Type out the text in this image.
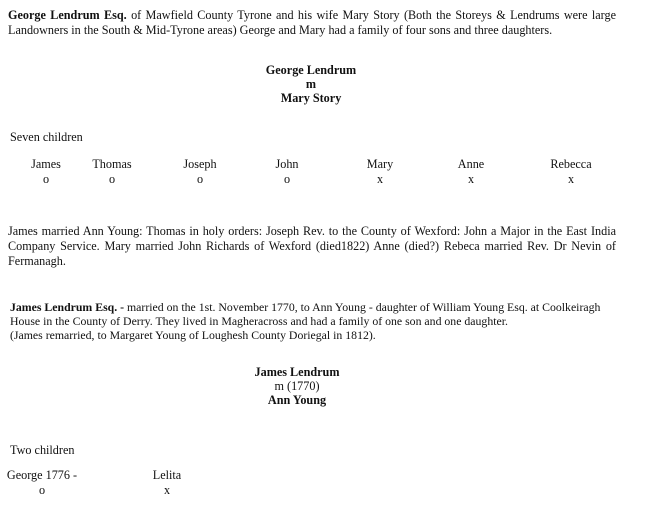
George Lendrum Esq. of Mawfield County Tyrone and his wife Mary Story (Both the Storeys & Lendrums were large Landowners in the South & Mid-Tyrone areas) George and Mary had a family of four sons and three daughters.
George Lendrum
m
Mary Story
Seven children
James
o
Thomas
o
Joseph
o
John
o
Mary
x
Anne
x
Rebecca
x
James married Ann Young: Thomas in holy orders: Joseph Rev. to the County of Wexford: John a Major in the East India Company Service. Mary married John Richards of Wexford (died1822) Anne (died?) Rebeca married Rev. Dr Nevin of Fermanagh.
James Lendrum Esq. - married on the 1st. November 1770, to Ann Young - daughter of William Young Esq. at Coolkeiragh
House in the County of Derry. They lived in Magheracross and had a family of one son and one daughter.
(James remarried, to Margaret Young of Loughesh County Doriegal in 1812).
James Lendrum
m (1770)
Ann Young
Two children
George 1776 -
o
Lelita
x
